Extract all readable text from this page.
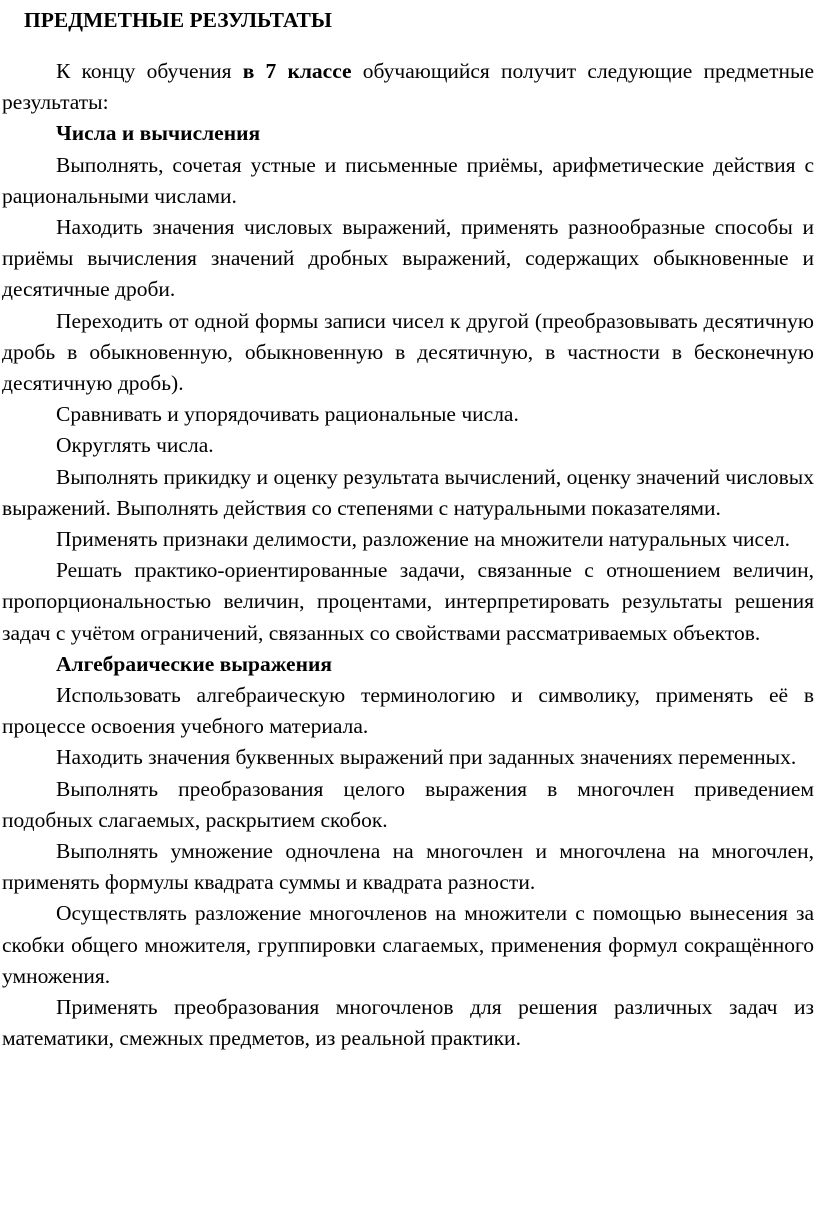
ПРЕДМЕТНЫЕ РЕЗУЛЬТАТЫ

К концу обучения в 7 классе обучающийся получит следующие предметные результаты:

Числа и вычисления

Выполнять, сочетая устные и письменные приёмы, арифметические действия с рациональными числами.

Находить значения числовых выражений, применять разнообразные способы и приёмы вычисления значений дробных выражений, содержащих обыкновенные и десятичные дроби.

Переходить от одной формы записи чисел к другой (преобразовывать десятичную дробь в обыкновенную, обыкновенную в десятичную, в частности в бесконечную десятичную дробь).

Сравнивать и упорядочивать рациональные числа.

Округлять числа.

Выполнять прикидку и оценку результата вычислений, оценку значений числовых выражений. Выполнять действия со степенями с натуральными показателями.

Применять признаки делимости, разложение на множители натуральных чисел.

Решать практико-ориентированные задачи, связанные с отношением величин, пропорциональностью величин, процентами, интерпретировать результаты решения задач с учётом ограничений, связанных со свойствами рассматриваемых объектов.

Алгебраические выражения

Использовать алгебраическую терминологию и символику, применять её в процессе освоения учебного материала.

Находить значения буквенных выражений при заданных значениях переменных.

Выполнять преобразования целого выражения в многочлен приведением подобных слагаемых, раскрытием скобок.

Выполнять умножение одночлена на многочлен и многочлена на многочлен, применять формулы квадрата суммы и квадрата разности.

Осуществлять разложение многочленов на множители с помощью вынесения за скобки общего множителя, группировки слагаемых, применения формул сокращённого умножения.

Применять преобразования многочленов для решения различных задач из математики, смежных предметов, из реальной практики.
